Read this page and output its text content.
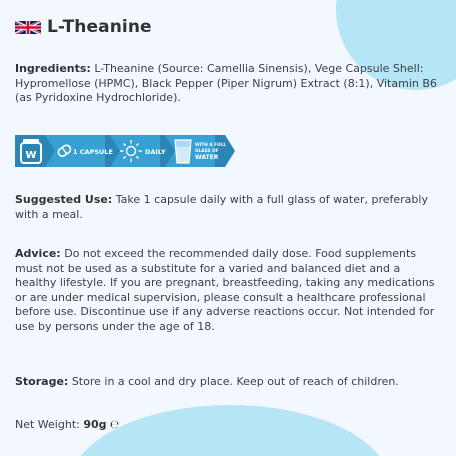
L-Theanine

Ingredients: L-Theanine (Source: Camellia Sinensis), Vege Capsule Shell: Hypromellose (HPMC), Black Pepper (Piper Nigrum) Extract (8:1), Vitamin B6 (as Pyridoxine Hydrochloride).

W	1 CAPSULE	DAILY
WITH A FULL
GLASS OF
WATER

Suggested Use: Take 1 capsule daily with a full glass of water, preferably with a meal.

Advice: Do not exceed the recommended daily dose. Food supplements must not be used as a substitute for a varied and balanced diet and a healthy lifestyle. If you are pregnant, breastfeeding, taking any medications or are under medical supervision, please consult a healthcare professional before use. Discontinue use if any adverse reactions occur. Not intended for use by persons under the age of 18.

Storage: Store in a cool and dry place. Keep out of reach of children.

Net Weight: 90g ℮
